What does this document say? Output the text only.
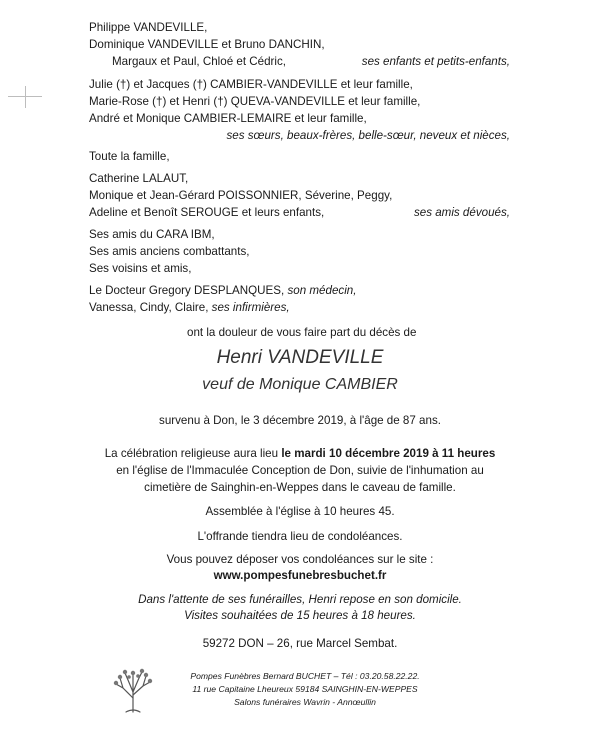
Philippe VANDEVILLE,
Dominique VANDEVILLE et Bruno DANCHIN,
Margaux et Paul, Chloé et Cédric,	ses enfants et petits-enfants,
Julie (†) et Jacques (†) CAMBIER-VANDEVILLE et leur famille,
Marie-Rose (†) et Henri (†) QUEVA-VANDEVILLE et leur famille,
André et Monique CAMBIER-LEMAIRE et leur famille,
ses sœurs, beaux-frères, belle-sœur, neveux et nièces,
Toute la famille,
Catherine LALAUT,
Monique et Jean-Gérard POISSONNIER, Séverine, Peggy,
Adeline et Benoît SEROUGE et leurs enfants,	ses amis dévoués,
Ses amis du CARA IBM,
Ses amis anciens combattants,
Ses voisins et amis,
Le Docteur Gregory DESPLANQUES, son médecin,
Vanessa, Cindy, Claire, ses infirmières,
ont la douleur de vous faire part du décès de
Henri VANDEVILLE
veuf de Monique CAMBIER
survenu à Don, le 3 décembre 2019, à l'âge de 87 ans.
La célébration religieuse aura lieu le mardi 10 décembre 2019 à 11 heures
en l'église de l'Immaculée Conception de Don, suivie de l'inhumation au
cimetière de Sainghin-en-Weppes dans le caveau de famille.
Assemblée à l'église à 10 heures 45.
L'offrande tiendra lieu de condoléances.
Vous pouvez déposer vos condoléances sur le site :
www.pompesfunebresbuchet.fr
Dans l'attente de ses funérailles, Henri repose en son domicile.
Visites souhaitées de 15 heures à 18 heures.
59272 DON – 26, rue Marcel Sembat.
Pompes Funèbres Bernard BUCHET – Tél : 03.20.58.22.22.
11 rue Capitaine Lheureux 59184 SAINGHIN-EN-WEPPES
Salons funéraires Wavrin - Annœullin
